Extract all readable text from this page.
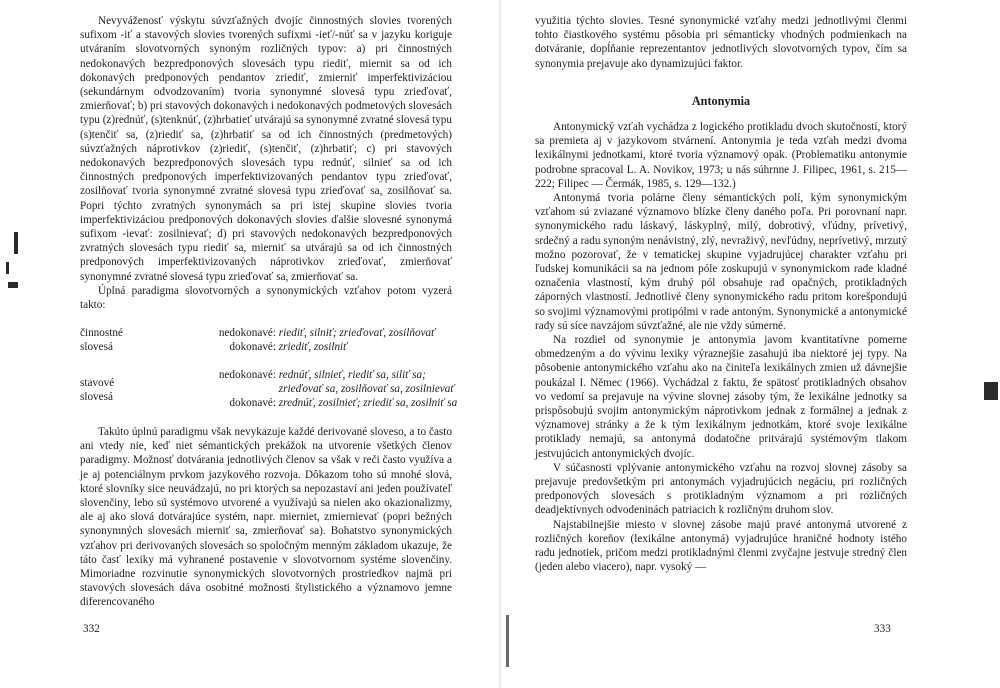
Nevyváženosť výskytu súvzťažných dvojíc činnostných slovies tvorených sufixom -iť a stavových slovies tvorených sufixmi -ieť/-núť sa v jazyku koriguje utváraním slovotvorných synoným rozličných typov: a) pri činnostných nedokonavých bezpredponových slovesách typu riediť, miernit sa od ich dokonavých predponových pendantov zriediť, zmierniť imperfektivizáciou (sekundárnym odvodzovaním) tvoria synonymné slovesá typu zrieďovať, zmierňovať; b) pri stavových dokonavých i nedokonavých podmetových slovesách typu (z)rednúť, (s)tenknúť, (z)hrbatieť utvárajú sa synonymné zvratné slovesá typu (s)tenčiť sa, (z)riediť sa, (z)hrbatiť sa od ich činnostných (predmetových) súvzťažných náprotivkov (z)riediť, (s)tenčiť, (z)hrbatiť; c) pri stavových nedokonavých bezpredponových slovesách typu rednúť, silnieť sa od ich činnostných predponových imperfektivizovaných pendantov typu zrieďovať, zosilňovať tvoria synonymné zvratné slovesá typu zrieďovať sa, zosilňovať sa. Popri týchto zvratných synonymách sa pri istej skupine slovies tvoria imperfektivizáciou predponových dokonavých slovies ďalšie slovesné synonymá sufixom -ievať: zosilnievať; d) pri stavových nedokonavých bezpredponových zvratných slovesách typu riediť sa, mierniť sa utvárajú sa od ich činnostných predponových imperfektivizovaných náprotivkov zrieďovať, zmierňovať synonymné zvratné slovesá typu zrieďovať sa, zmierňovať sa.

Úplná paradigma slovotvorných a synonymických vzťahov potom vyzerá takto:

činnostné
slovesá
nedokonavé: riediť, silniť; zrieďovať, zosilňovať
dokonavé: zriediť, zosilniť
stavové
slovesá
nedokonavé: rednúť, silnieť, riediť sa, siliť sa;
zrieďovať sa, zosilňovať sa, zosilnievať
dokonavé: zrednúť, zosilnieť; zriediť sa, zosilniť sa

Takúto úplnú paradigmu však nevykazuje každé derivované sloveso, a to často ani vtedy nie, keď niet sémantických prekážok na utvorenie všetkých členov paradigmy. Možnosť dotvárania jednotlivých členov sa však v reči často využíva a je aj potenciálnym prvkom jazykového rozvoja. Dôkazom toho sú mnohé slová, ktoré slovníky sice neuvádzajú, no pri ktorých sa nepozastaví ani jeden používateľ slovenčiny, lebo sú systémovo utvorené a využívajú sa nielen ako okazionalizmy, ale aj ako slová dotvárajúce systém, napr. mierniet, zmiernievať (popri bežných synonymných slovesách mierniť sa, zmierňovať sa). Bohatstvo synonymických vzťahov pri derivovaných slovesách so spoločným menným základom ukazuje, že táto časť lexiky má vyhranené postavenie v slovotvornom systéme slovenčiny. Mimoriadne rozvinutie synonymických slovotvorných prostriedkov najmä pri stavových slovesách dáva osobitné možnosti štylistického a významovo jemne diferencovaného

332

využitia týchto slovies. Tesné synonymické vzťahy medzi jednotlivými členmi tohto čiastkového systému pôsobia pri sémanticky vhodných podmienkach na dotváranie, dopĺňanie reprezentantov jednotlivých slovotvorných typov, čím sa synonymia prejavuje ako dynamizujúci faktor.

Antonymia

Antonymický vzťah vychádza z logického protikladu dvoch skutočností, ktorý sa premieta aj v jazykovom stvárnení. Antonymia je teda vzťah medzi dvoma lexikálnymi jednotkami, ktoré tvoria významový opak. (Problematiku antonymie podrobne spracoval L. A. Novikov, 1973; u nás súhrnne J. Filipec, 1961, s. 215—222; Filipec — Čermák, 1985, s. 129—132.)

Antonymá tvoria polárne členy sémantických polí, kým synonymickým vzťahom sú zviazané významovo blízke členy daného poľa. Pri porovnaní napr. synonymického radu láskavý, láskyplný, milý, dobrotivý, vľúdny, prívetivý, srdečný a radu synoným nenávistný, zlý, nevraživý, nevľúdny, neprívetivý, mrzutý možno pozorovať, že v tematickej skupine vyjadrujúcej charakter vzťahu pri ľudskej komunikácii sa na jednom póle zoskupujú v synonymickom rade kladné označenia vlastností, kým druhý pól obsahuje rad opačných, protikladných záporných vlastností. Jednotlivé členy synonymického radu pritom korešpondujú so svojimi významovými protipólmi v rade antoným. Synonymické a antonymické rady sú síce navzájom súvzťažné, ale nie vždy súmerné.

Na rozdiel od synonymie je antonymia javom kvantitatívne pomerne obmedzeným a do vývinu lexiky výraznejšie zasahujú iba niektoré jej typy. Na pôsobenie antonymického vzťahu ako na činiteľa lexikálnych zmien už dávnejšie poukázal I. Němec (1966). Vychádzal z faktu, že spätosť protikladných obsahov vo vedomí sa prejavuje na vývine slovnej zásoby tým, že lexikálne jednotky sa prispôsobujú svojim antonymickým náprotivkom jednak z formálnej a jednak z významovej stránky a že k tým lexikálnym jednotkám, ktoré svoje lexikálne protiklady nemajú, sa antonymá dodatočne pritvárajú systémovým tlakom jestvujúcich antonymických dvojíc.

V súčasnosti vplývanie antonymického vzťahu na rozvoj slovnej zásoby sa prejavuje predovšetkým pri antonymách vyjadrujúcich negáciu, pri rozličných predponových slovesách s protikladným významom a pri rozličných deadjektívnych odvodeninách patriacich k rozličným druhom slov.

Najstabilnejšie miesto v slovnej zásobe majú pravé antonymá utvorené z rozličných koreňov (lexikálne antonymá) vyjadrujúce hraničné hodnoty istého radu jednotiek, pričom medzi protikladnými členmi zvyčajne jestvuje stredný člen (jeden alebo viacero), napr. vysoký —

333
